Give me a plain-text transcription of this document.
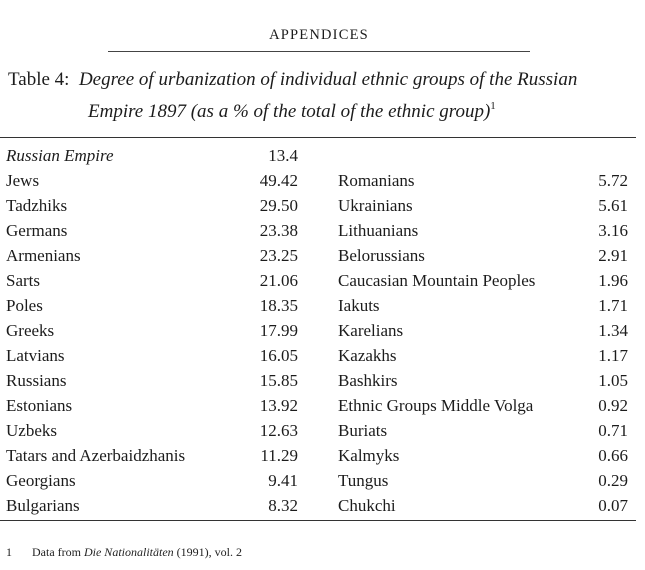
APPENDICES
Table 4: Degree of urbanization of individual ethnic groups of the Russian
Empire 1897 (as a % of the total of the ethnic group)$^1$
Russian Empire	13.4			
Jews	49.42		Romanians	5.72
Tadzhiks	29.50		Ukrainians	5.61
Germans	23.38		Lithuanians	3.16
Armenians	23.25		Belorussians	2.91
Sarts	21.06		Caucasian Mountain Peoples	1.96
Poles	18.35		Iakuts	1.71
Greeks	17.99		Karelians	1.34
Latvians	16.05		Kazakhs	1.17
Russians	15.85		Bashkirs	1.05
Estonians	13.92		Ethnic Groups Middle Volga	0.92
Uzbeks	12.63		Buriats	0.71
Tatars and Azerbaidzhanis	11.29		Kalmyks	0.66
Georgians	9.41		Tungus	0.29
Bulgarians	8.32		Chukchi	0.07
1 Data from Die Nationalitäten (1991), vol. 2
